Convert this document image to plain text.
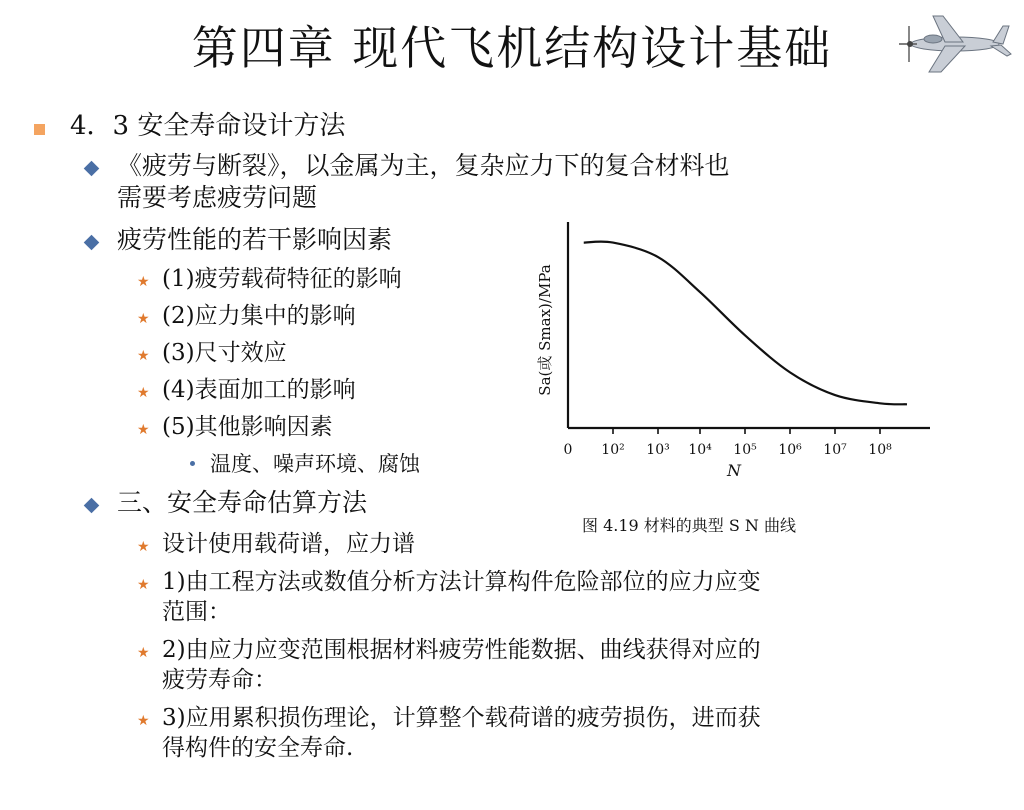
第四章 现代飞机结构设计基础
4．3 安全寿命设计方法
《疲劳与断裂》，以金属为主，复杂应力下的复合材料也
需要考虑疲劳问题
疲劳性能的若干影响因素
★ (1)疲劳载荷特征的影响
★ (2)应力集中的影响
★ (3)尺寸效应
★ (4)表面加工的影响
★ (5)其他影响因素
温度、噪声环境、腐蚀
三、安全寿命估算方法
★ 设计使用载荷谱，应力谱
★ 1)由工程方法或数值分析方法计算构件危险部位的应力应变
范围：
★ 2)由应力应变范围根据材料疲劳性能数据、曲线获得对应的
疲劳寿命：
★ 3)应用累积损伤理论，计算整个载荷谱的疲劳损伤，进而获
得构件的安全寿命.
0 10² 10³ 10⁴ 10⁵ 10⁶ 10⁷ 10⁸
Sa(或 Smax)/MPa
N
图 4.19 材料的典型 S N 曲线
